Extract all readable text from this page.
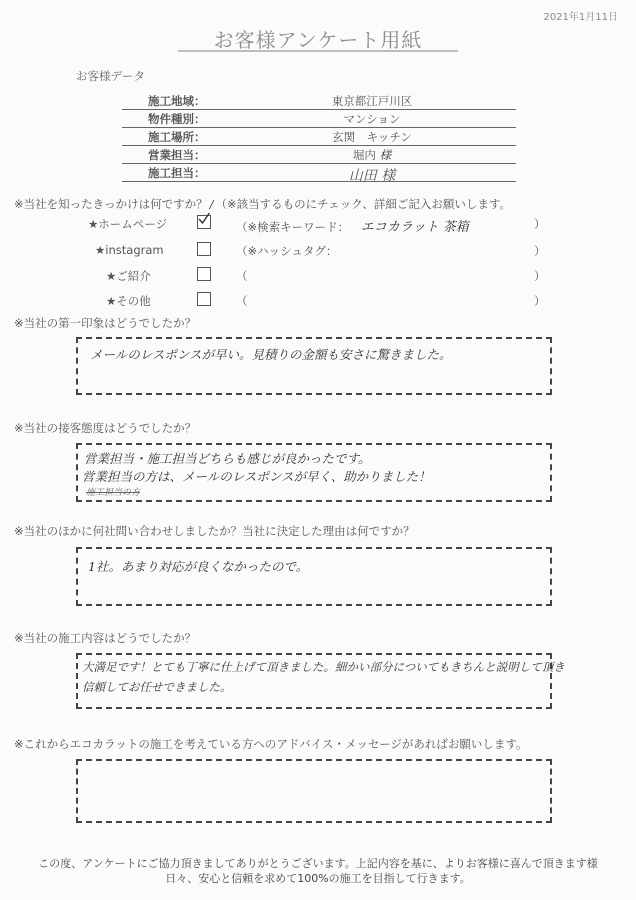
2021年1月11日
お客様アンケート用紙
お客様データ
施工地域：	東京都江戸川区
物件種別：	マンション
施工場所：	玄関　キッチン
営業担当：	堀内 様
施工担当：	山田 様
※当社を知ったきっかけは何ですか？ / （※該当するものにチェック、詳細ご記入お願いします。
★ホームページ	（※検索キーワード： エコカラット 茶箱	）
★instagram	（※ハッシュタグ：	）
★ご紹介	（	）
★その他	（	）
※当社の第一印象はどうでしたか？
メールのレスポンスが早い。見積りの金額も安さに驚きました。
※当社の接客態度はどうでしたか？
営業担当・施工担当どちらも感じが良かったです。
営業担当の方は、メールのレスポンスが早く、助かりました！
施工担当の方
※当社のほかに何社問い合わせしましたか？当社に決定した理由は何ですか？
1社。あまり対応が良くなかったので。
※当社の施工内容はどうでしたか？
大満足です！とても丁寧に仕上げて頂きました。細かい部分についてもきちんと説明して頂き
信頼してお任せできました。
※これからエコカラットの施工を考えている方へのアドバイス・メッセージがあればお願いします。
この度、アンケートにご協力頂きましてありがとうございます。上記内容を基に、よりお客様に喜んで頂きます様
日々、安心と信頼を求めて100%の施工を目指して行きます。
